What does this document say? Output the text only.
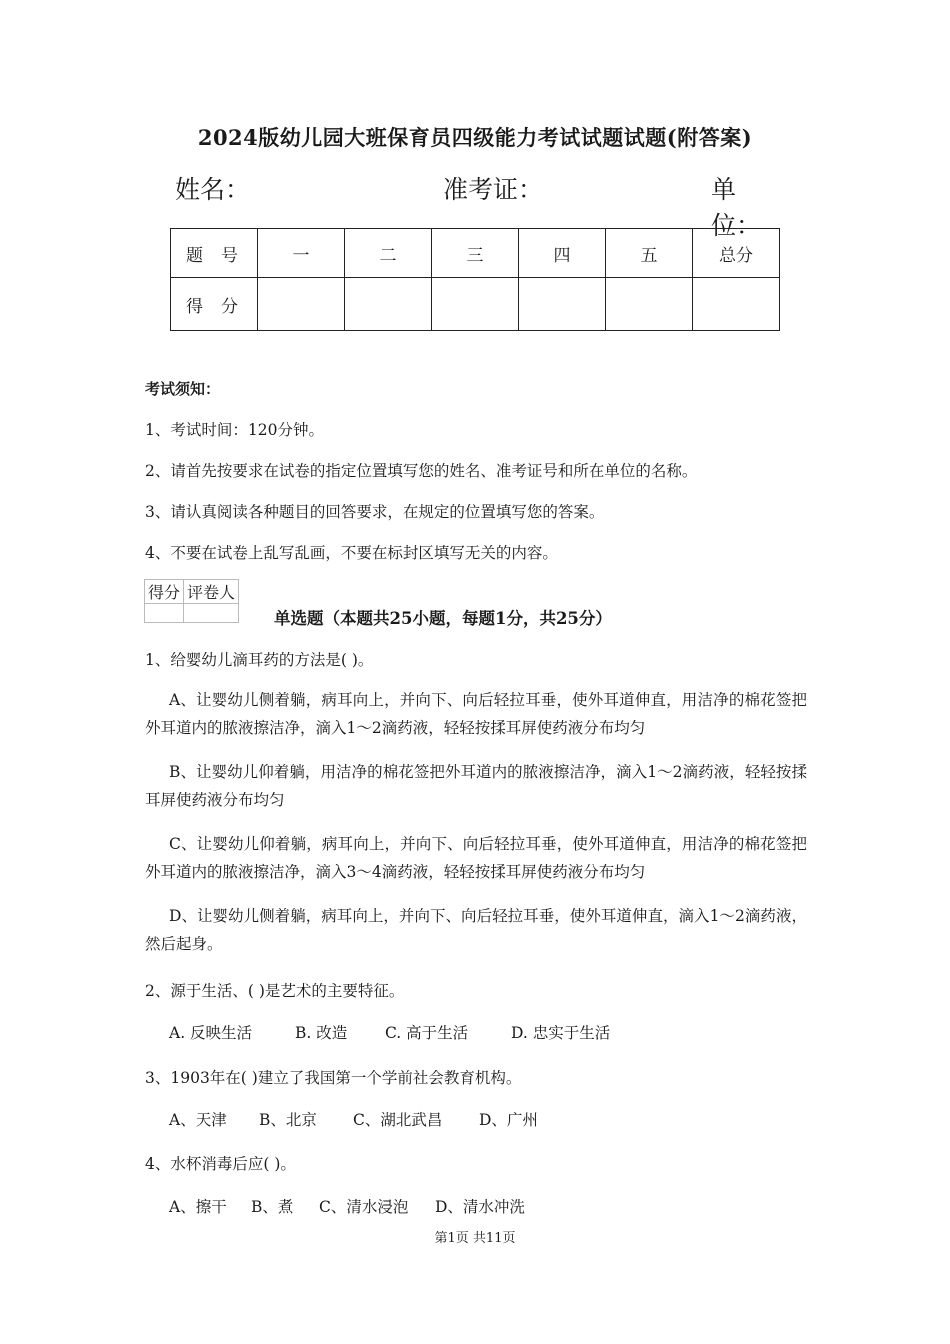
2024版幼儿园大班保育员四级能力考试试题试题(附答案)
姓名：	准考证：	单位：
题号	一	二	三	四	五	总分
得分						
考试须知：
1、考试时间：120分钟。
2、请首先按要求在试卷的指定位置填写您的姓名、准考证号和所在单位的名称。
3、请认真阅读各种题目的回答要求，在规定的位置填写您的答案。
4、不要在试卷上乱写乱画，不要在标封区填写无关的内容。
得分	评卷人

单选题（本题共25小题，每题1分，共25分）
1、给婴幼儿滴耳药的方法是( )。
A、让婴幼儿侧着躺，病耳向上，并向下、向后轻拉耳垂，使外耳道伸直，用洁净的棉花签把外耳道内的脓液擦洁净，滴入1～2滴药液，轻轻按揉耳屏使药液分布均匀
B、让婴幼儿仰着躺，用洁净的棉花签把外耳道内的脓液擦洁净，滴入1～2滴药液，轻轻按揉耳屏使药液分布均匀
C、让婴幼儿仰着躺，病耳向上，并向下、向后轻拉耳垂，使外耳道伸直，用洁净的棉花签把外耳道内的脓液擦洁净，滴入3～4滴药液，轻轻按揉耳屏使药液分布均匀
D、让婴幼儿侧着躺，病耳向上，并向下、向后轻拉耳垂，使外耳道伸直，滴入1～2滴药液，然后起身。
2、源于生活、( )是艺术的主要特征。
A. 反映生活	B. 改造 C. 高于生活	D. 忠实于生活
3、1903年在( )建立了我国第一个学前社会教育机构。
A、天津 B、北京 C、湖北武昌 D、广州
4、水杯消毒后应( )。
A、擦干 B、煮 C、清水浸泡 D、清水冲洗
第1页 共11页
